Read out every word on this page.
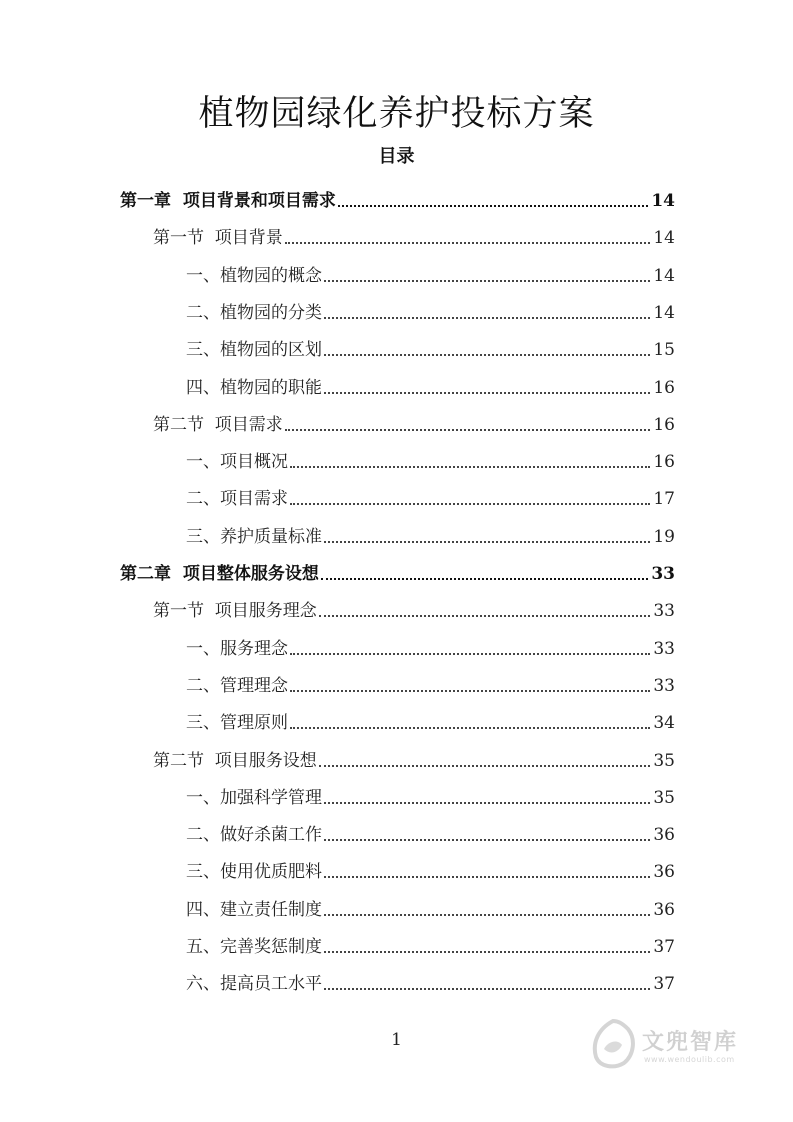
植物园绿化养护投标方案
目录
第一章  项目背景和项目需求	14
第一节  项目背景	14
一、植物园的概念	14
二、植物园的分类	14
三、植物园的区划	15
四、植物园的职能	16
第二节  项目需求	16
一、项目概况	16
二、项目需求	17
三、养护质量标准	19
第二章  项目整体服务设想	33
第一节  项目服务理念	33
一、服务理念	33
二、管理理念	33
三、管理原则	34
第二节  项目服务设想	35
一、加强科学管理	35
二、做好杀菌工作	36
三、使用优质肥料	36
四、建立责任制度	36
五、完善奖惩制度	37
六、提高员工水平	37
1	文兜智库
www.wendoulib.com
